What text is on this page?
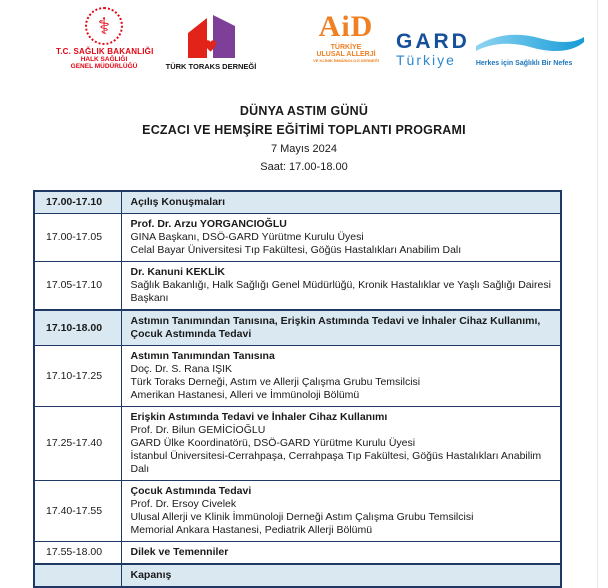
⚕
T.C. SAĞLIK BAKANLIĞI
HALK SAĞLIĞI
GENEL MÜDÜRLÜĞÜ	TÜRK TORAKS DERNEĞİ
AiD
TÜRKİYE
ULUSAL ALLERJİ
VE KLİNİK İMMÜNOLOJİ DERNEĞİ
GARD
Türkiye	Herkes için Sağlıklı Bir Nefes
DÜNYA ASTIM GÜNÜ
ECZACI VE HEMŞİRE EĞİTİMİ TOPLANTI PROGRAMI
7 Mayıs 2024
Saat: 17.00-18.00
17.00-17.10	Açılış Konuşmaları

17.00-17.05	Prof. Dr. Arzu YORGANCIOĞLU
GINA Başkanı, DSÖ-GARD Yürütme Kurulu Üyesi
Celal Bayar Üniversitesi Tıp Fakültesi, Göğüs Hastalıkları Anabilim Dalı

17.05-17.10	Dr. Kanuni KEKLİK
Sağlık Bakanlığı, Halk Sağlığı Genel Müdürlüğü, Kronik Hastalıklar ve Yaşlı Sağlığı Dairesi Başkanı

17.10-18.00	Astımın Tanımından Tanısına, Erişkin Astımında Tedavi ve İnhaler Cihaz Kullanımı, Çocuk Astımında Tedavi

17.10-17.25	Astımın Tanımından Tanısına
Doç. Dr. S. Rana IŞIK
Türk Toraks Derneği, Astım ve Allerji Çalışma Grubu Temsilcisi
Amerikan Hastanesi, Alleri ve İmmünoloji Bölümü

17.25-17.40	Erişkin Astımında Tedavi ve İnhaler Cihaz Kullanımı
Prof. Dr. Bilun GEMİCİOĞLU
GARD Ülke Koordinatörü, DSÖ-GARD Yürütme Kurulu Üyesi
İstanbul Üniversitesi-Cerrahpaşa, Cerrahpaşa Tıp Fakültesi, Göğüs Hastalıkları Anabilim Dalı

17.40-17.55	Çocuk Astımında Tedavi
Prof. Dr. Ersoy Civelek
Ulusal Allerji ve Klinik İmmünoloji Derneği Astım Çalışma Grubu Temsilcisi
Memorial Ankara Hastanesi, Pediatrik Allerji Bölümü

17.55-18.00	Dilek ve Temenniler

	Kapanış
